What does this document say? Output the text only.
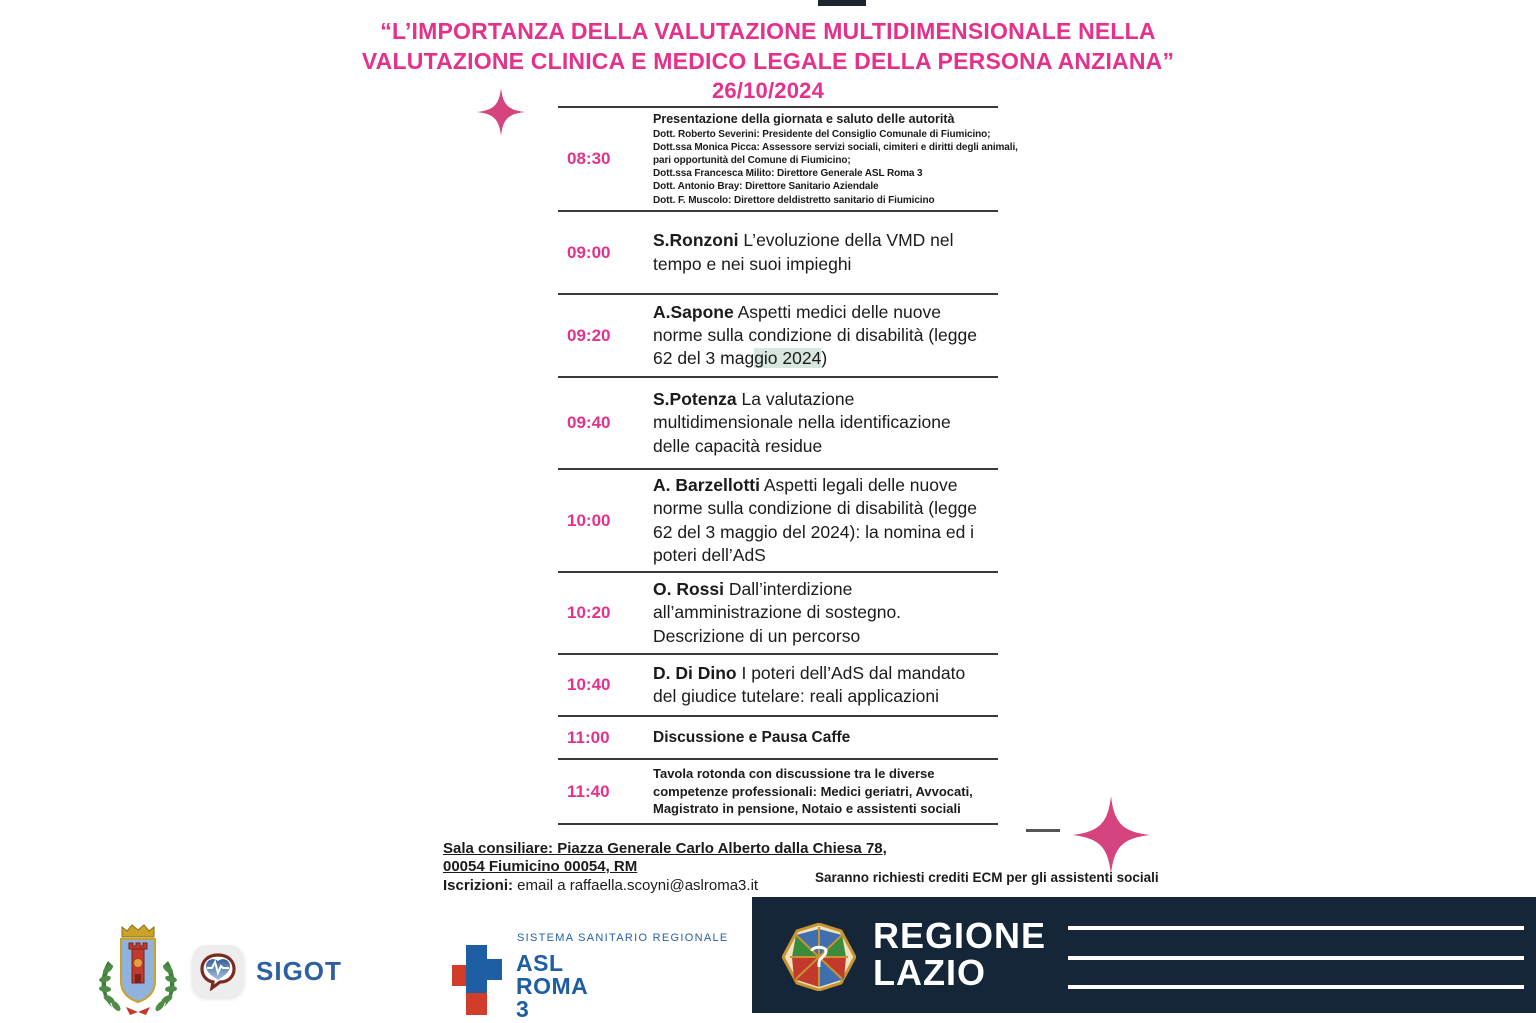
“L’IMPORTANZA DELLA VALUTAZIONE MULTIDIMENSIONALE NELLA
VALUTAZIONE CLINICA E MEDICO LEGALE DELLA PERSONA ANZIANA”
26/10/2024
08:30
Presentazione della giornata e saluto delle autorità
Dott. Roberto Severini: Presidente del Consiglio Comunale di Fiumicino;
Dott.ssa Monica Picca: Assessore servizi sociali, cimiteri e diritti degli animali,
pari opportunità del Comune di Fiumicino;
Dott.ssa Francesca Milito: Direttore Generale ASL Roma 3
Dott. Antonio Bray: Direttore Sanitario Aziendale
Dott. F. Muscolo: Direttore deldistretto sanitario di Fiumicino
09:00
S.Ronzoni L’evoluzione della VMD nel tempo e nei suoi impieghi
09:20
A.Sapone Aspetti medici delle nuove norme sulla condizione di disabilità (legge 62 del 3 maggio 2024)
09:40
S.Potenza La valutazione multidimensionale nella identificazione delle capacità residue
10:00
A. Barzellotti Aspetti legali delle nuove norme sulla condizione di disabilità (legge 62 del 3 maggio del 2024): la nomina ed i poteri dell’AdS
10:20
O. Rossi Dall’interdizione all’amministrazione di sostegno. Descrizione di un percorso
10:40
D. Di Dino I poteri dell’AdS dal mandato del giudice tutelare: reali applicazioni
11:00	Discussione e Pausa Caffe
11:40
Tavola rotonda con discussione tra le diverse competenze professionali: Medici geriatri, Avvocati, Magistrato in pensione, Notaio e assistenti sociali
Sala consiliare: Piazza Generale Carlo Alberto dalla Chiesa 78,
00054 Fiumicino 00054, RM
Iscrizioni: email a raffaella.scoyni@aslroma3.it	Saranno richiesti crediti ECM per gli assistenti sociali
SIGOT
SISTEMA SANITARIO REGIONALE
ASL
ROMA 3
REGIONE
LAZIO
